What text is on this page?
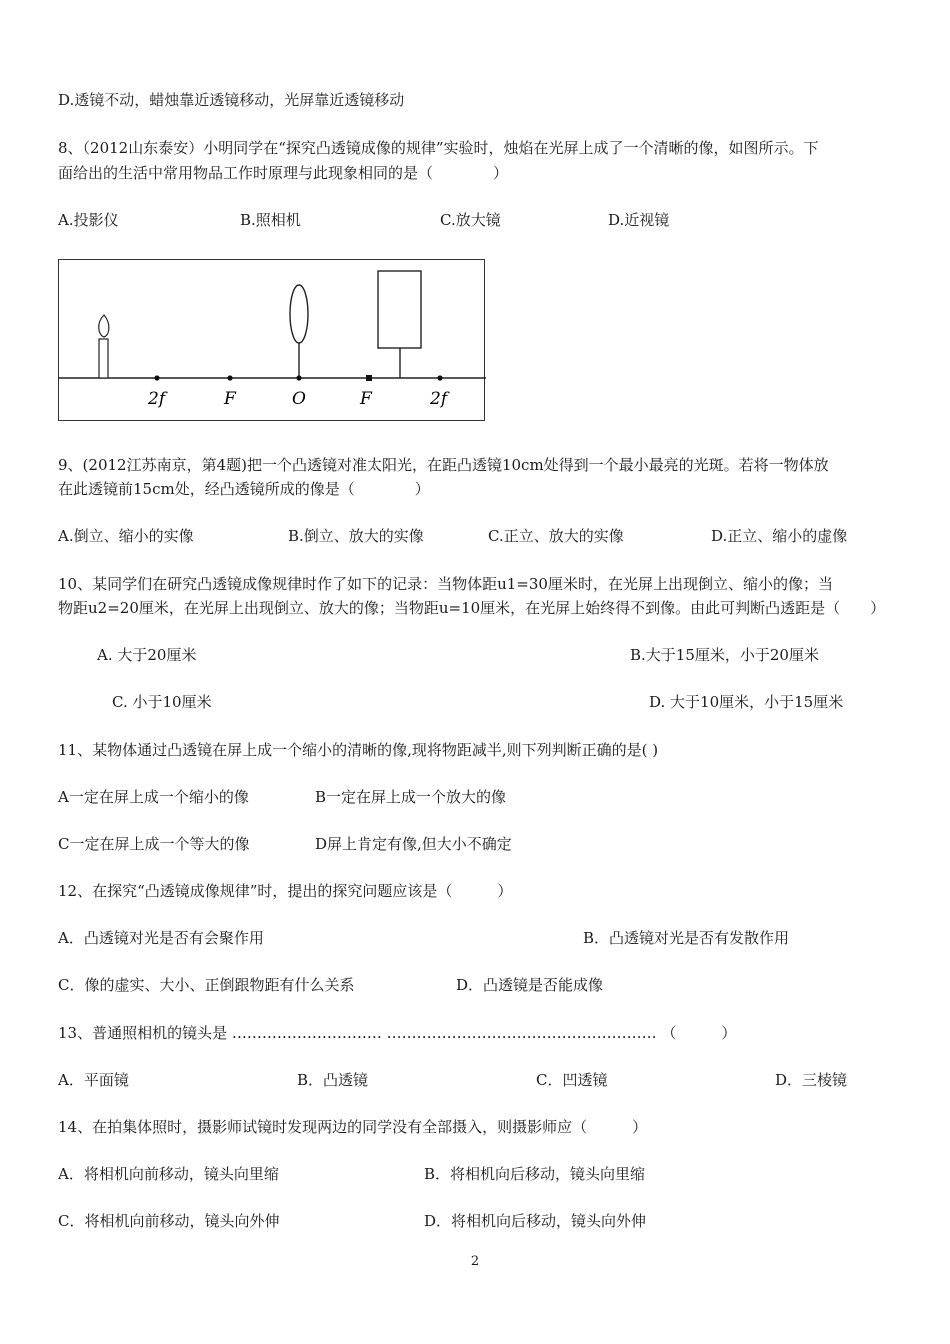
D.透镜不动，蜡烛靠近透镜移动，光屏靠近透镜移动
8、（2012山东泰安）小明同学在“探究凸透镜成像的规律”实验时，烛焰在光屏上成了一个清晰的像，如图所示。下
面给出的生活中常用物品工作时原理与此现象相同的是（　　　　）
A.投影仪	B.照相机	C.放大镜	D.近视镜
2f	F	O	F	2f
9、(2012江苏南京，第4题)把一个凸透镜对准太阳光，在距凸透镜10cm处得到一个最小最亮的光斑。若将一物体放
在此透镜前15cm处，经凸透镜所成的像是（　　　　）
A.倒立、缩小的实像	B.倒立、放大的实像	C.正立、放大的实像	D.正立、缩小的虚像
10、某同学们在研究凸透镜成像规律时作了如下的记录：当物体距u1=30厘米时，在光屏上出现倒立、缩小的像；当
物距u2=20厘米，在光屏上出现倒立、放大的像；当物距u=10厘米，在光屏上始终得不到像。由此可判断凸透距是（　　）
A. 大于20厘米	B.大于15厘米，小于20厘米
C. 小于10厘米	D. 大于10厘米，小于15厘米
11、某物体通过凸透镜在屏上成一个缩小的清晰的像,现将物距减半,则下列判断正确的是( )
A一定在屏上成一个缩小的像	B一定在屏上成一个放大的像
C一定在屏上成一个等大的像	D屏上肯定有像,但大小不确定
12、在探究“凸透镜成像规律”时，提出的探究问题应该是（　　　）
A．凸透镜对光是否有会聚作用	B．凸透镜对光是否有发散作用
C．像的虚实、大小、正倒跟物距有什么关系	D．凸透镜是否能成像
13、普通照相机的镜头是 ………………………… ……………………………………………… （　　　）
A．平面镜	B．凸透镜	C．凹透镜	D．三棱镜
14、在拍集体照时，摄影师试镜时发现两边的同学没有全部摄入，则摄影师应（　　　）
A．将相机向前移动，镜头向里缩	B．将相机向后移动，镜头向里缩
C．将相机向前移动，镜头向外伸	D．将相机向后移动，镜头向外伸
2
